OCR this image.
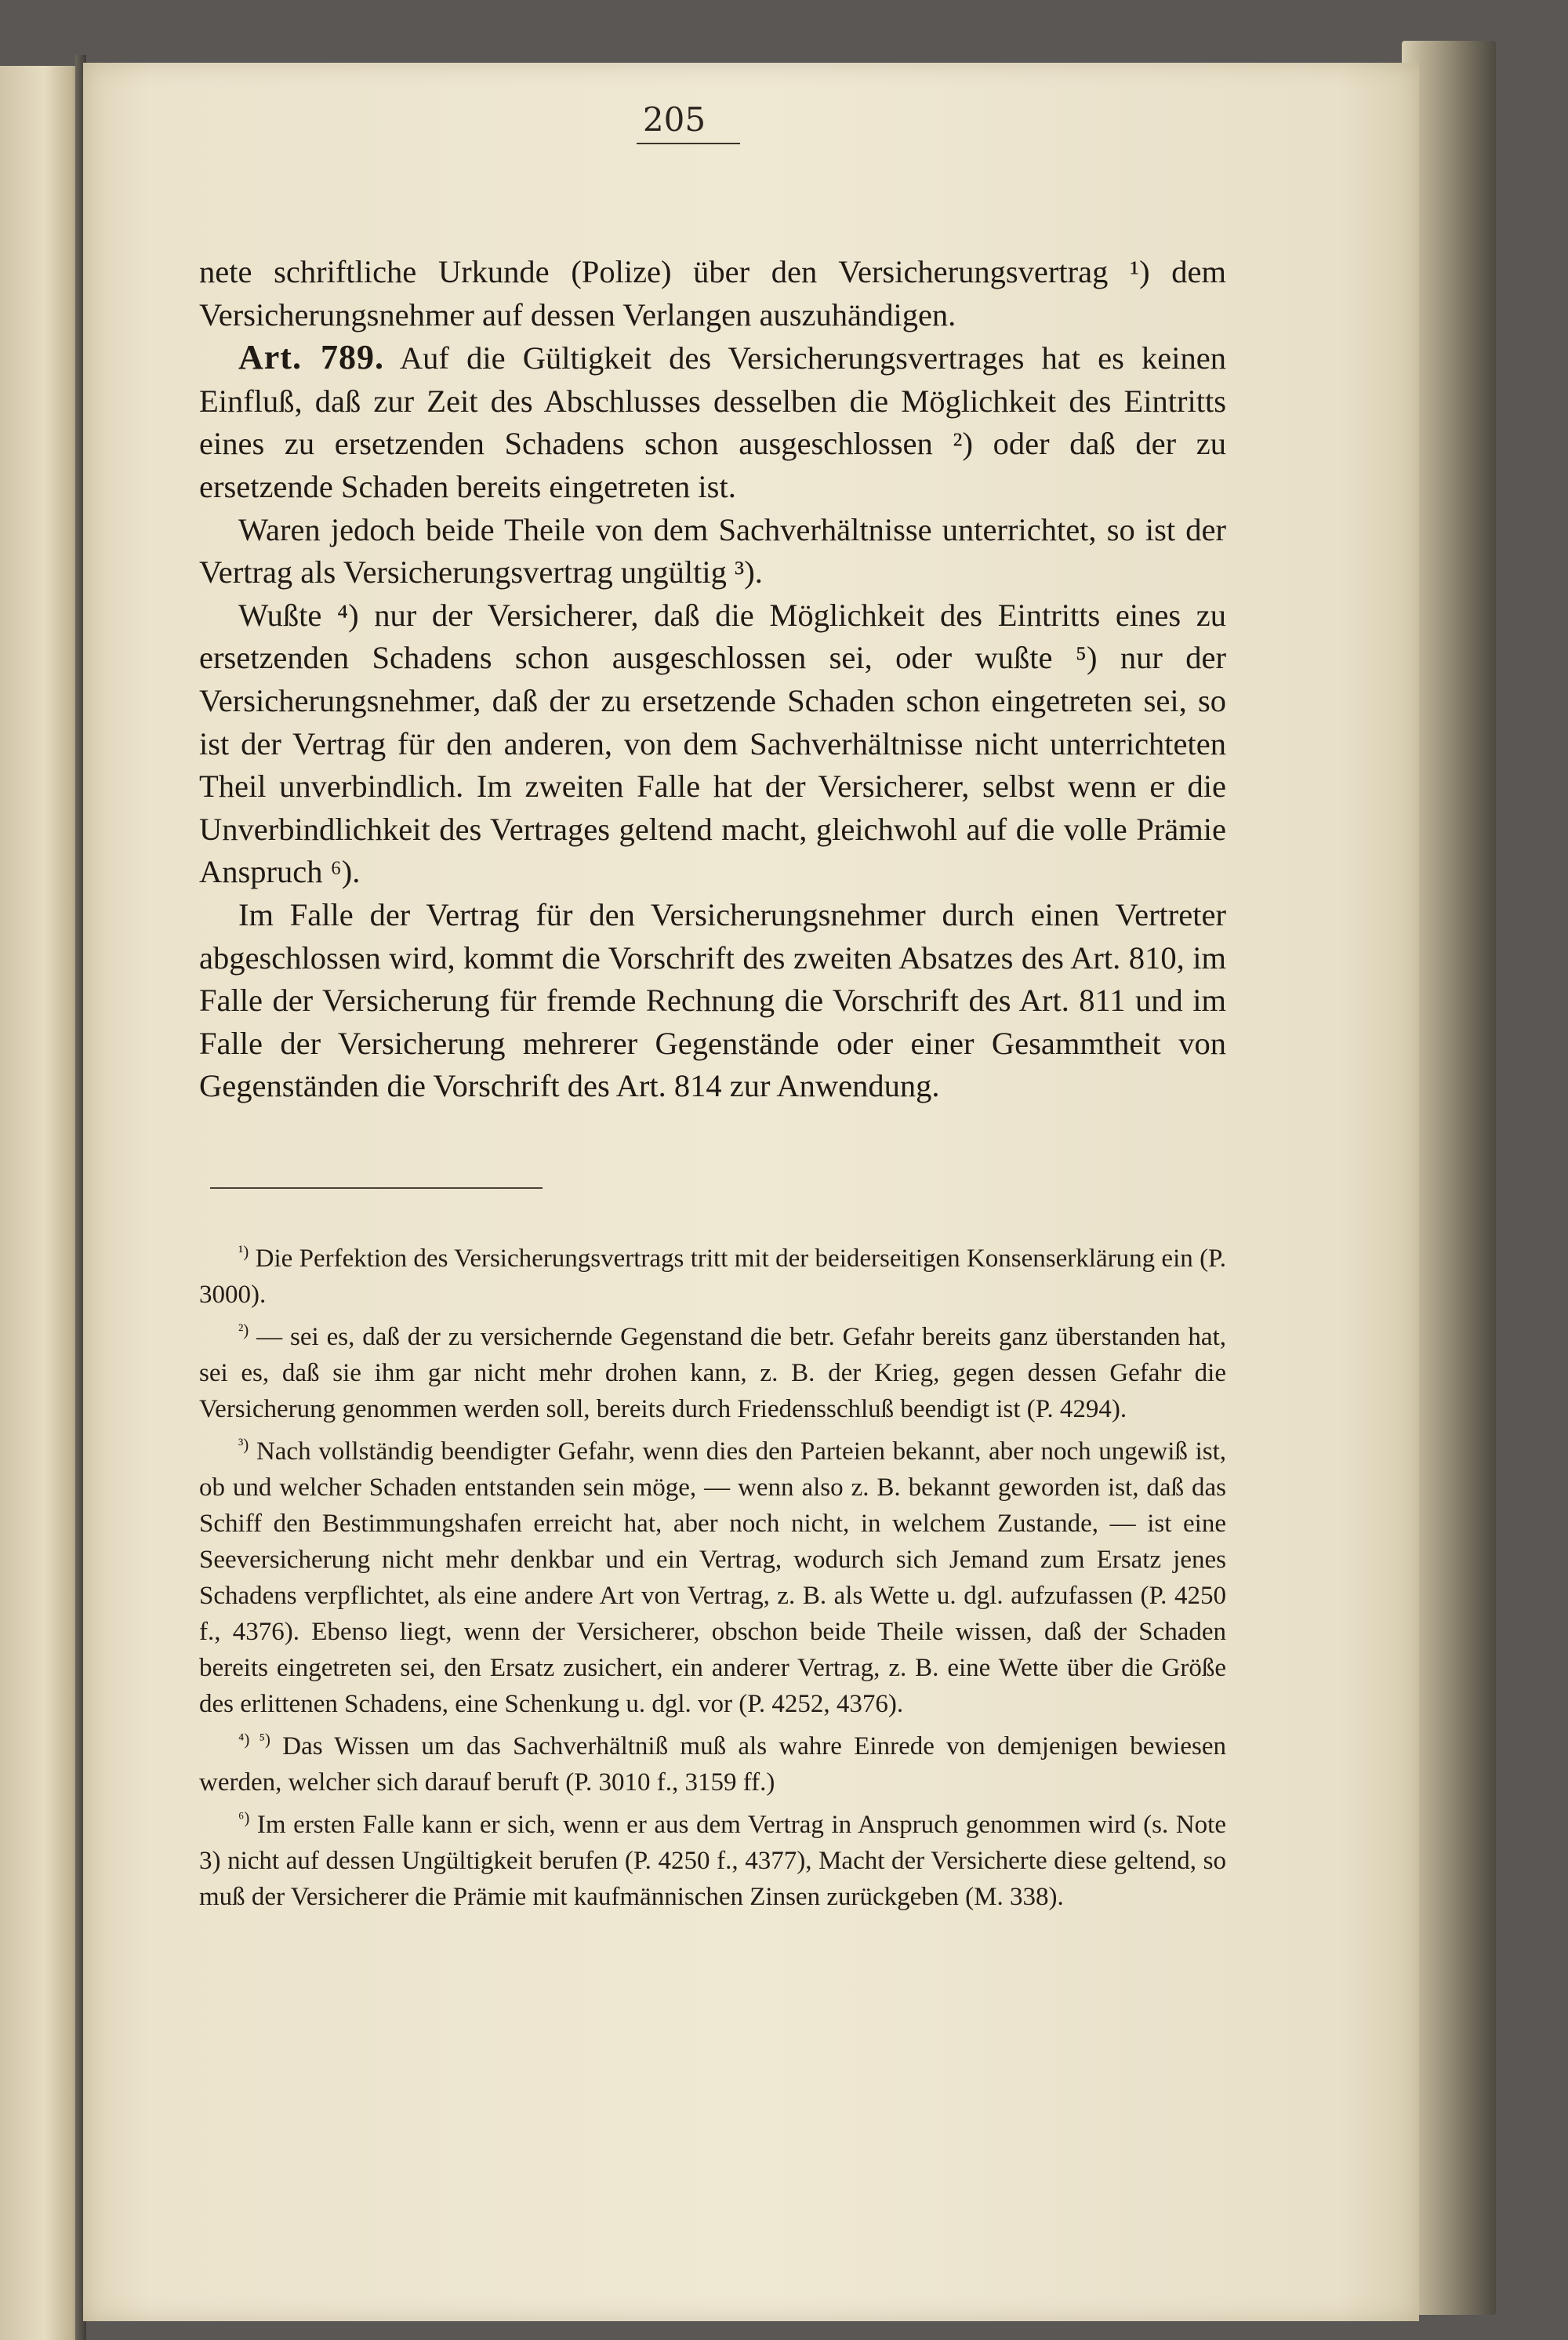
205

nete schriftliche Urkunde (Polize) über den Versicherungsvertrag ¹) dem Versicherungsnehmer auf dessen Verlangen auszuhändigen.

Art. 789. Auf die Gültigkeit des Versicherungsvertrages hat es keinen Einfluß, daß zur Zeit des Abschlusses desselben die Möglichkeit des Eintritts eines zu ersetzenden Schadens schon ausgeschlossen ²) oder daß der zu ersetzende Schaden bereits eingetreten ist.

Waren jedoch beide Theile von dem Sachverhältnisse unterrichtet, so ist der Vertrag als Versicherungsvertrag ungültig ³).

Wußte ⁴) nur der Versicherer, daß die Möglichkeit des Eintritts eines zu ersetzenden Schadens schon ausgeschlossen sei, oder wußte ⁵) nur der Versicherungsnehmer, daß der zu ersetzende Schaden schon eingetreten sei, so ist der Vertrag für den anderen, von dem Sachverhältnisse nicht unterrichteten Theil unverbindlich. Im zweiten Falle hat der Versicherer, selbst wenn er die Unverbindlichkeit des Vertrages geltend macht, gleichwohl auf die volle Prämie Anspruch ⁶).

Im Falle der Vertrag für den Versicherungsnehmer durch einen Vertreter abgeschlossen wird, kommt die Vorschrift des zweiten Absatzes des Art. 810, im Falle der Versicherung für fremde Rechnung die Vorschrift des Art. 811 und im Falle der Versicherung mehrerer Gegenstände oder einer Gesammtheit von Gegenständen die Vorschrift des Art. 814 zur Anwendung.

$^{^1)}$ Die Perfektion des Versicherungsvertrags tritt mit der beiderseitigen Konsenserklärung ein (P. 3000).

$^{^2)}$ — sei es, daß der zu versichernde Gegenstand die betr. Gefahr bereits ganz überstanden hat, sei es, daß sie ihm gar nicht mehr drohen kann, z. B. der Krieg, gegen dessen Gefahr die Versicherung genommen werden soll, bereits durch Friedensschluß beendigt ist (P. 4294).

$^{^3)}$ Nach vollständig beendigter Gefahr, wenn dies den Parteien bekannt, aber noch ungewiß ist, ob und welcher Schaden entstanden sein möge, — wenn also z. B. bekannt geworden ist, daß das Schiff den Bestimmungshafen erreicht hat, aber noch nicht, in welchem Zustande, — ist eine Seeversicherung nicht mehr denkbar und ein Vertrag, wodurch sich Jemand zum Ersatz jenes Schadens verpflichtet, als eine andere Art von Vertrag, z. B. als Wette u. dgl. aufzufassen (P. 4250 f., 4376). Ebenso liegt, wenn der Versicherer, obschon beide Theile wissen, daß der Schaden bereits eingetreten sei, den Ersatz zusichert, ein anderer Vertrag, z. B. eine Wette über die Größe des erlittenen Schadens, eine Schenkung u. dgl. vor (P. 4252, 4376).

$^{^4) ^5)}$ Das Wissen um das Sachverhältniß muß als wahre Einrede von demjenigen bewiesen werden, welcher sich darauf beruft (P. 3010 f., 3159 ff.)

$^{^6)}$ Im ersten Falle kann er sich, wenn er aus dem Vertrag in Anspruch genommen wird (s. Note 3) nicht auf dessen Ungültigkeit berufen (P. 4250 f., 4377), Macht der Versicherte diese geltend, so muß der Versicherer die Prämie mit kaufmännischen Zinsen zurückgeben (M. 338).
